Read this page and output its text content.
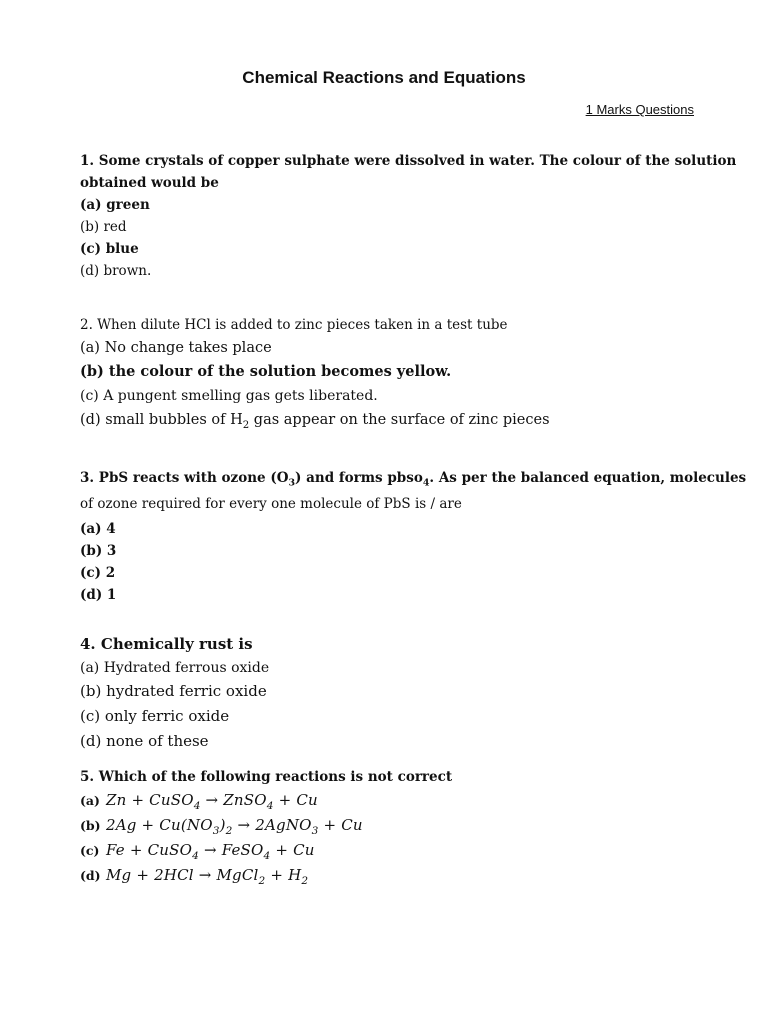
Chemical Reactions and Equations
1 Marks Questions
1. Some crystals of copper sulphate were dissolved in water. The colour of the solution
obtained would be
(a) green
(b) red
(c) blue
(d) brown.
2. When dilute HCl is added to zinc pieces taken in a test tube
(a) No change takes place
(b) the colour of the solution becomes yellow.
(c) A pungent smelling gas gets liberated.
(d) small bubbles of $H_2$ gas appear on the surface of zinc pieces
3. PbS reacts with ozone $(O_3)$ and forms pbso$_4$. As per the balanced equation, molecules
of ozone required for every one molecule of PbS is / are
(a) 4
(b) 3
(c) 2
(d) 1
4. Chemically rust is
(a) Hydrated ferrous oxide
(b) hydrated ferric oxide
(c) only ferric oxide
(d) none of these
5. Which of the following reactions is not correct
(a) Zn + CuSO$_4$ → ZnSO$_4$ + Cu
(b) $2Ag + Cu(NO_3)_2$ → 2AgNO$_3$ + Cu
(c) Fe + CuSO$_4$ → FeSO$_4$ + Cu
(d) Mg + 2HCl → MgCl$_2$ + $H_2$
